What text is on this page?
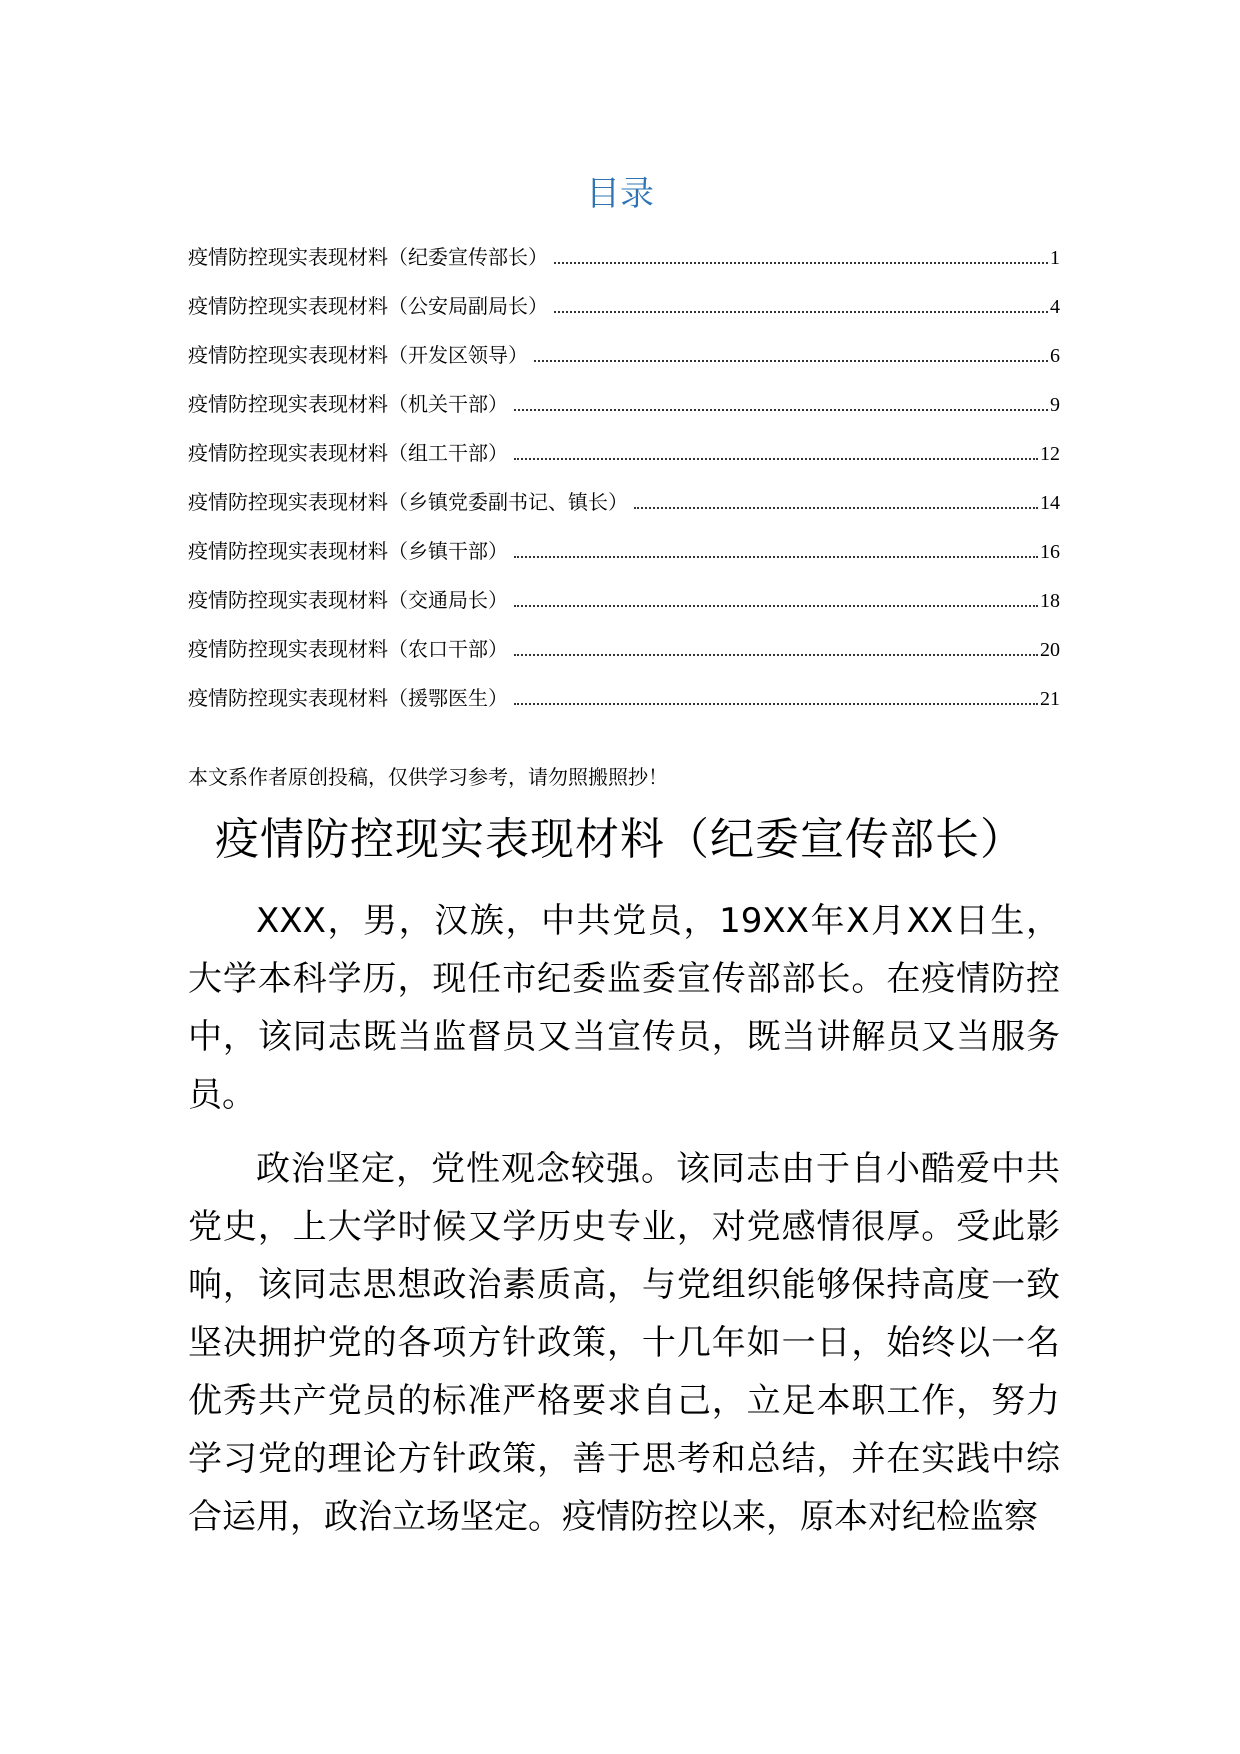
目录
疫情防控现实表现材料（纪委宣传部长）	1
疫情防控现实表现材料（公安局副局长）	4
疫情防控现实表现材料（开发区领导）	6
疫情防控现实表现材料（机关干部）	9
疫情防控现实表现材料（组工干部）	12
疫情防控现实表现材料（乡镇党委副书记、镇长）	14
疫情防控现实表现材料（乡镇干部）	16
疫情防控现实表现材料（交通局长）	18
疫情防控现实表现材料（农口干部）	20
疫情防控现实表现材料（援鄂医生）	21
本文系作者原创投稿，仅供学习参考，请勿照搬照抄！
疫情防控现实表现材料（纪委宣传部长）

XXX，男，汉族，中共党员，19XX年X月XX日生，大学本科学历，现任市纪委监委宣传部部长。在疫情防控中，该同志既当监督员又当宣传员，既当讲解员又当服务员。

政治坚定，党性观念较强。该同志由于自小酷爱中共党史，上大学时候又学历史专业，对党感情很厚。受此影响，该同志思想政治素质高，与党组织能够保持高度一致坚决拥护党的各项方针政策，十几年如一日，始终以一名优秀共产党员的标准严格要求自己，立足本职工作，努力学习党的理论方针政策，善于思考和总结，并在实践中综合运用，政治立场坚定。疫情防控以来，原本对纪检监察
